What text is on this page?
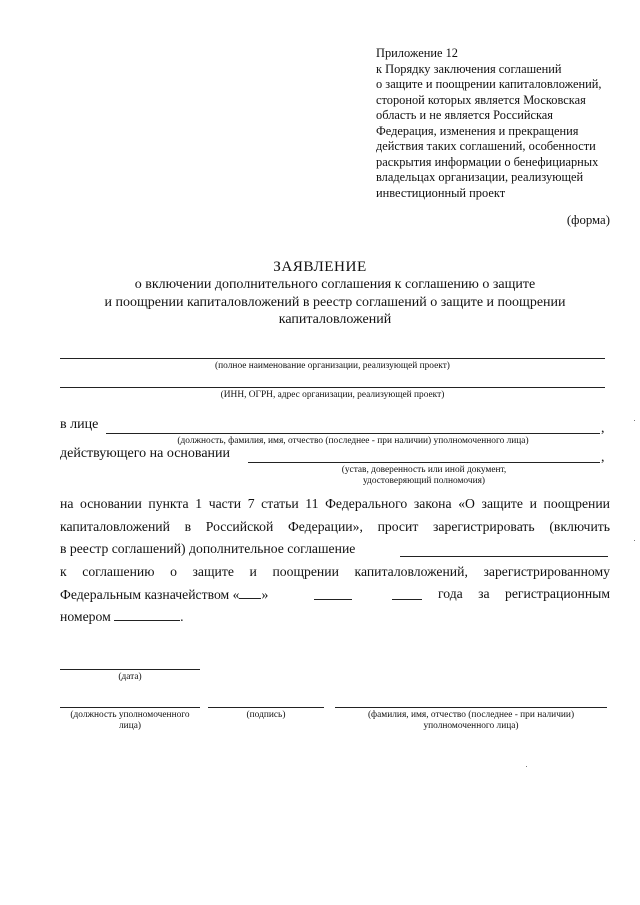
Приложение 12
к Порядку заключения соглашений
о защите и поощрении капиталовложений,
стороной которых является Московская
область и не является Российская
Федерация, изменения и прекращения
действия таких соглашений, особенности
раскрытия информации о бенефициарных
владельцах организации, реализующей
инвестиционный проект
(форма)
ЗАЯВЛЕНИЕ
о включении дополнительного соглашения к соглашению о защите
и поощрении капиталовложений в реестр соглашений о защите и поощрении
капиталовложений
(полное наименование организации, реализующей проект)
(ИНН, ОГРН, адрес организации, реализующей проект)
в лице	,
(должность, фамилия, имя, отчество (последнее - при наличии) уполномоченного лица)
действующего на основании	,
(устав, доверенность или иной документ,
удостоверяющий полномочия)
на основании пункта 1 части 7 статьи 11 Федерального закона «О защите и поощрении
капиталовложений в Российской Федерации», просит зарегистрировать (включить
в реестр соглашений) дополнительное соглашение
к соглашению о защите и поощрении капиталовложений, зарегистрированному
Федеральным казначейством « »	года за регистрационным
номером	.
(дата)
(должность уполномоченного
лица)
(подпись)	(фамилия, имя, отчество (последнее - при наличии)
уполномоченного лица)
